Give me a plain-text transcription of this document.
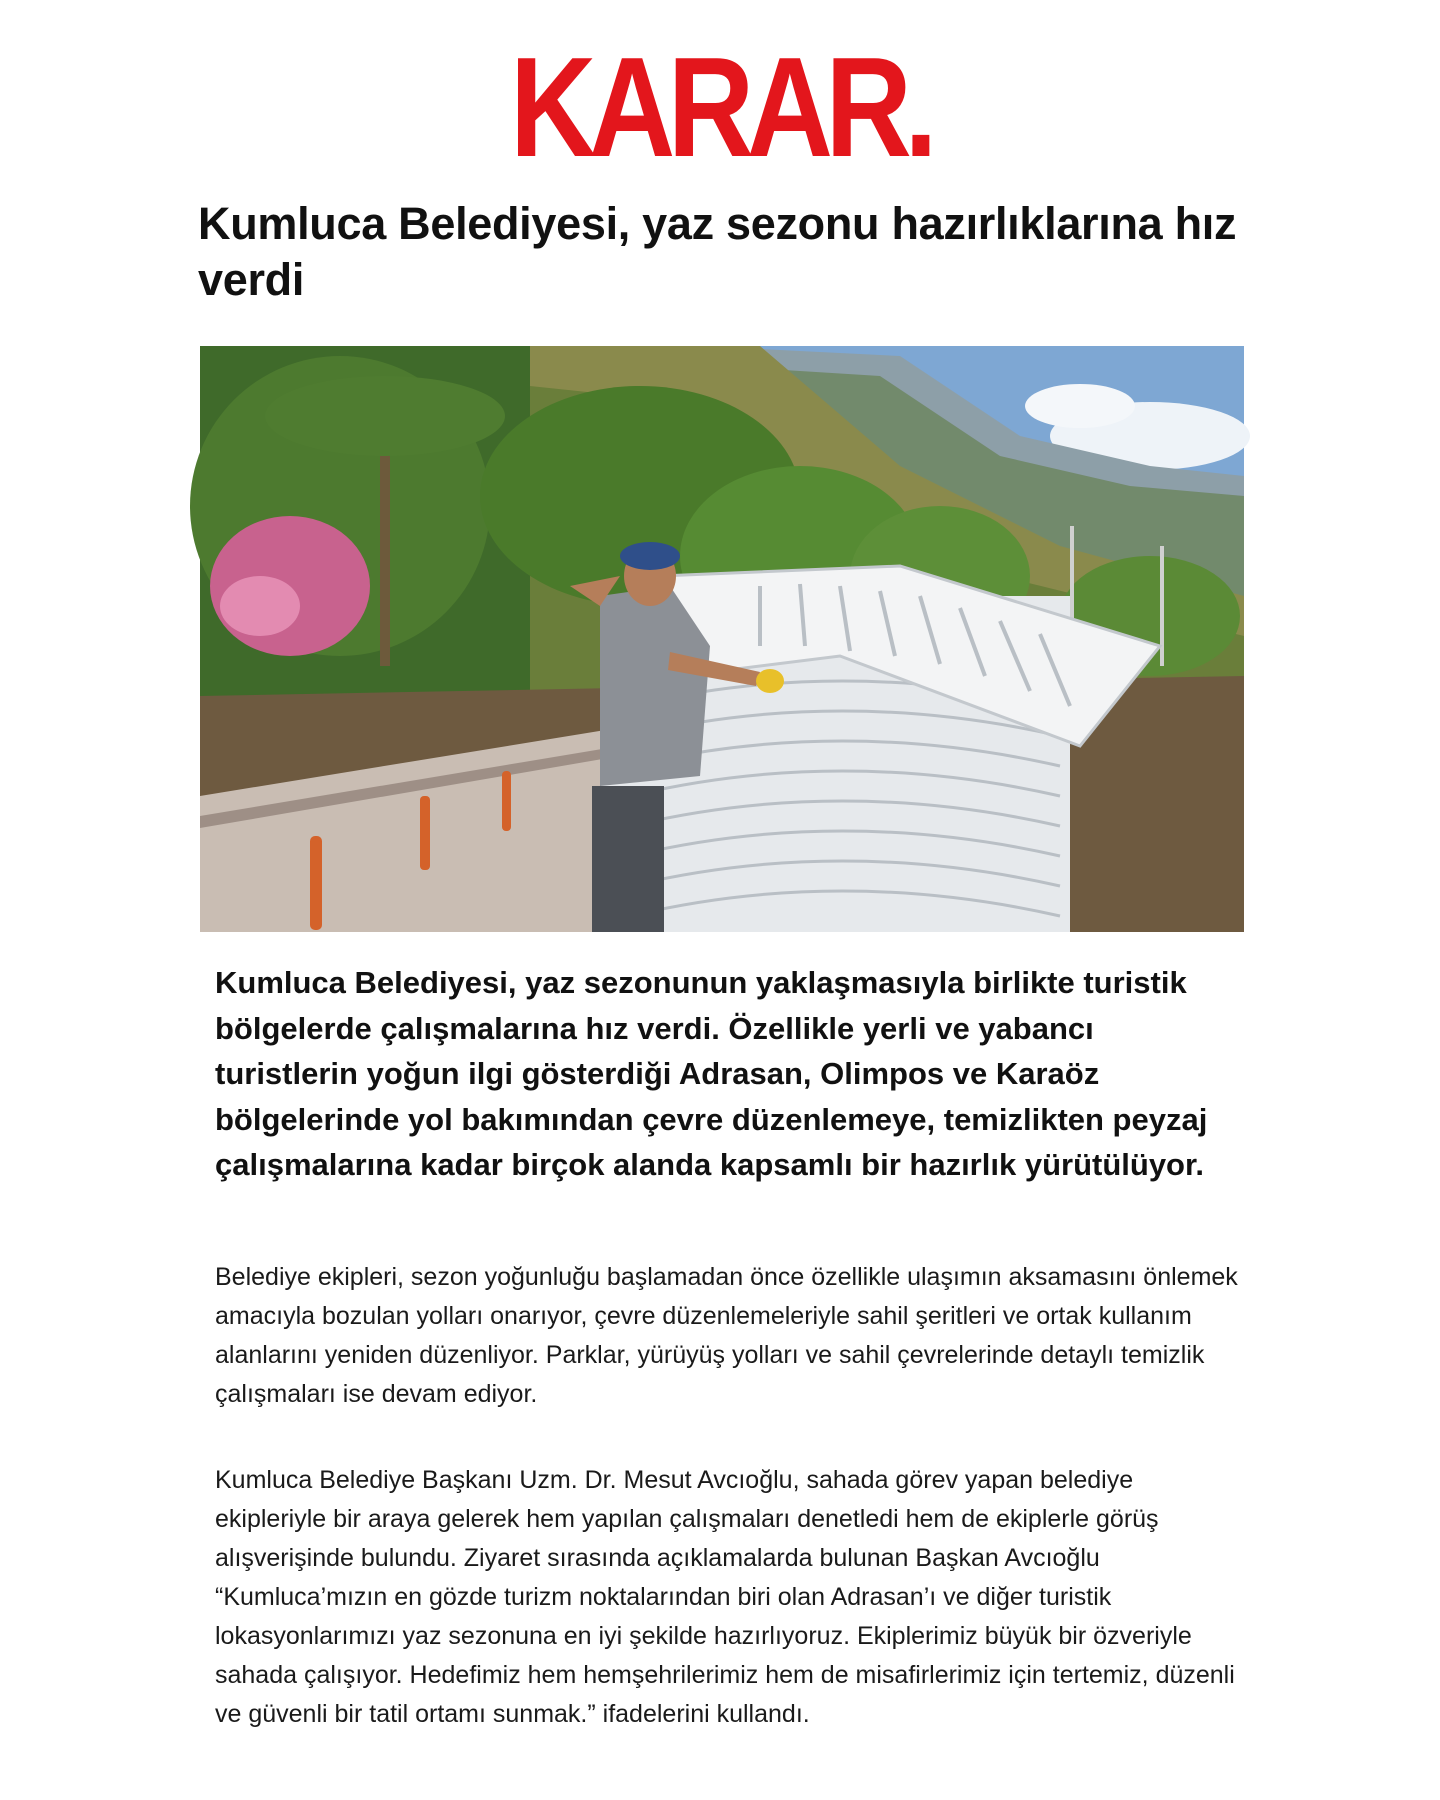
KARAR.
Kumluca Belediyesi, yaz sezonu hazırlıklarına hız verdi

Kumluca Belediyesi, yaz sezonunun yaklaşmasıyla birlikte turistik bölgelerde çalışmalarına hız verdi. Özellikle yerli ve yabancı turistlerin yoğun ilgi gösterdiği Adrasan, Olimpos ve Karaöz bölgelerinde yol bakımından çevre düzenlemeye, temizlikten peyzaj çalışmalarına kadar birçok alanda kapsamlı bir hazırlık yürütülüyor.

Belediye ekipleri, sezon yoğunluğu başlamadan önce özellikle ulaşımın aksamasını önlemek amacıyla bozulan yolları onarıyor, çevre düzenlemeleriyle sahil şeritleri ve ortak kullanım alanlarını yeniden düzenliyor. Parklar, yürüyüş yolları ve sahil çevrelerinde detaylı temizlik çalışmaları ise devam ediyor.

Kumluca Belediye Başkanı Uzm. Dr. Mesut Avcıoğlu, sahada görev yapan belediye ekipleriyle bir araya gelerek hem yapılan çalışmaları denetledi hem de ekiplerle görüş alışverişinde bulundu. Ziyaret sırasında açıklamalarda bulunan Başkan Avcıoğlu “Kumluca’mızın en gözde turizm noktalarından biri olan Adrasan’ı ve diğer turistik lokasyonlarımızı yaz sezonuna en iyi şekilde hazırlıyoruz. Ekiplerimiz büyük bir özveriyle sahada çalışıyor. Hedefimiz hem hemşehrilerimiz hem de misafirlerimiz için tertemiz, düzenli ve güvenli bir tatil ortamı sunmak.” ifadelerini kullandı.
